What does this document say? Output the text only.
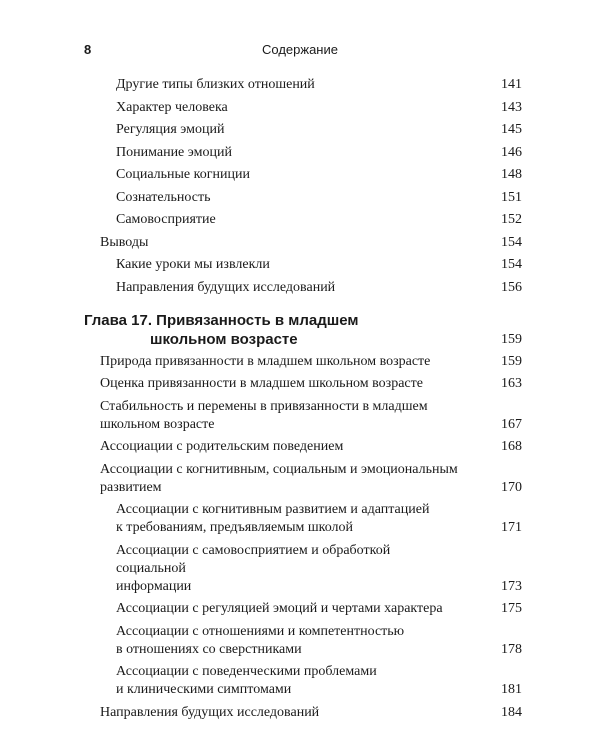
8	Содержание
Другие типы близких отношений	141
Характер человека	143
Регуляция эмоций	145
Понимание эмоций	146
Социальные когниции	148
Сознательность	151
Самовосприятие	152
Выводы	154
Какие уроки мы извлекли	154
Направления будущих исследований	156
Глава 17. Привязанность в младшем
школьном возрасте	159
Природа привязанности в младшем школьном возрасте	159
Оценка привязанности в младшем школьном возрасте	163
Стабильность и перемены в привязанности в младшем
школьном возрасте	167
Ассоциации с родительским поведением	168
Ассоциации с когнитивным, социальным и эмоциональным
развитием	170
Ассоциации с когнитивным развитием и адаптацией
к требованиям, предъявляемым школой	171
Ассоциации с самовосприятием и обработкой социальной
информации	173
Ассоциации с регуляцией эмоций и чертами характера	175
Ассоциации с отношениями и компетентностью
в отношениях со сверстниками	178
Ассоциации с поведенческими проблемами
и клиническими симптомами	181
Направления будущих исследований	184
